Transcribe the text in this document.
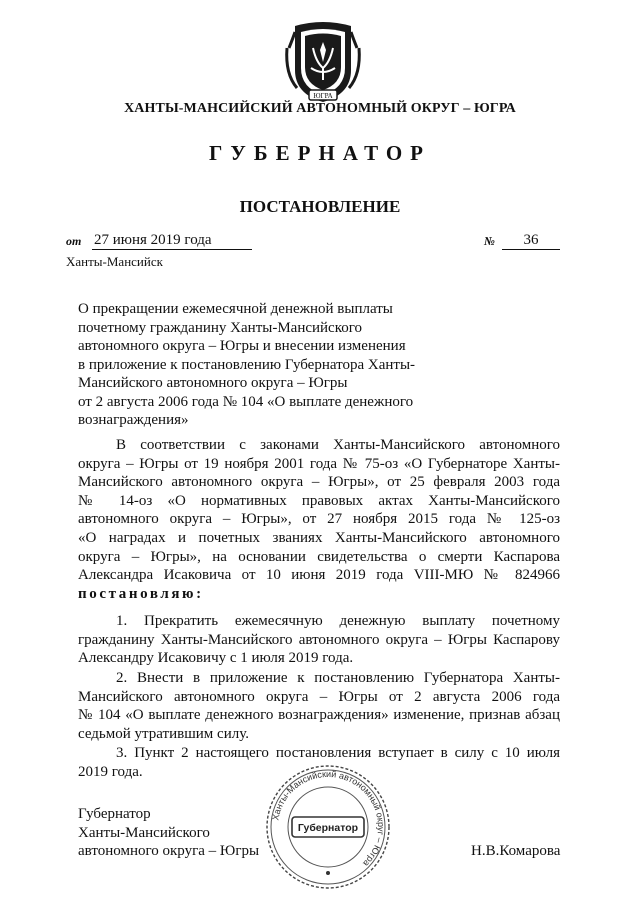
ЮГРА
ХАНТЫ-МАНСИЙСКИЙ АВТОНОМНЫЙ ОКРУГ – ЮГРА
ГУБЕРНАТОР
ПОСТАНОВЛЕНИЕ
от 27 июня 2019 года	№	36
Ханты-Мансийск
О прекращении ежемесячной денежной выплаты
почетному гражданину Ханты-Мансийского
автономного округа – Югры и внесении изменения
в приложение к постановлению Губернатора Ханты-
Мансийского автономного округа – Югры
от 2 августа 2006 года № 104 «О выплате денежного
вознаграждения»
В соответствии с законами Ханты-Мансийского автономного
округа – Югры от 19 ноября 2001 года № 75-оз «О Губернаторе Ханты-
Мансийского автономного округа – Югры», от 25 февраля 2003 года
№ 14-оз «О нормативных правовых актах Ханты-Мансийского
автономного округа – Югры», от 27 ноября 2015 года № 125-оз
«О наградах и почетных званиях Ханты-Мансийского автономного
округа – Югры», на основании свидетельства о смерти Каспарова
Александра Исаковича от 10 июня 2019 года VIII-МЮ № 824966
постановляю:
1. Прекратить ежемесячную денежную выплату почетному
гражданину Ханты-Мансийского автономного округа – Югры Каспарову
Александру Исаковичу с 1 июля 2019 года.
2. Внести в приложение к постановлению Губернатора Ханты-
Мансийского автономного округа – Югры от 2 августа 2006 года
№ 104 «О выплате денежного вознаграждения» изменение, признав абзац
седьмой утратившим силу.
3. Пункт 2 настоящего постановления вступает в силу с 10 июля
2019 года.
Губернатор
Ханты-Мансийского
автономного округа – Югры
Ханты-Мансийский автономный округ – Югра
Губернатор
Н.В.Комарова
